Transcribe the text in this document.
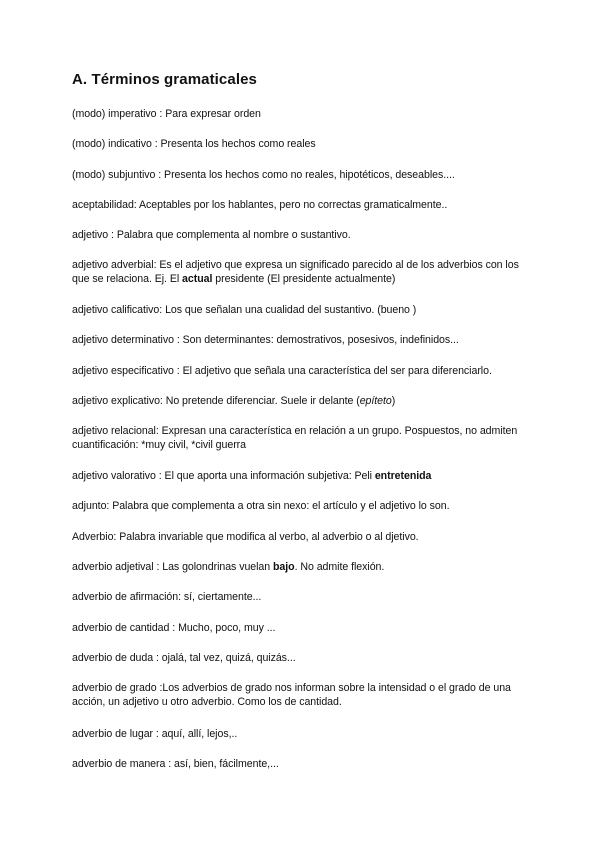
A. Términos gramaticales

(modo) imperativo : Para expresar orden

(modo) indicativo : Presenta los hechos como reales

(modo) subjuntivo : Presenta los hechos como no reales, hipotéticos, deseables....

aceptabilidad: Aceptables por los hablantes, pero no correctas gramaticalmente..

adjetivo : Palabra que complementa al nombre o sustantivo.

adjetivo adverbial: Es el adjetivo que expresa un significado parecido al de los adverbios con los que se relaciona. Ej. El actual presidente (El presidente actualmente)

adjetivo calificativo: Los que señalan una cualidad del sustantivo. (bueno )

adjetivo determinativo : Son determinantes: demostrativos, posesivos, indefinidos...

adjetivo especificativo : El adjetivo que señala una característica del ser para diferenciarlo.

adjetivo explicativo: No pretende diferenciar. Suele ir delante (epíteto)

adjetivo relacional: Expresan una característica en relación a un grupo. Pospuestos, no admiten cuantificación: *muy civil, *civil guerra

adjetivo valorativo : El que aporta una información subjetiva: Peli entretenida

adjunto: Palabra que complementa a otra sin nexo: el artículo y el adjetivo lo son.

Adverbio: Palabra invariable que modifica al verbo, al adverbio o al djetivo.

adverbio adjetival : Las golondrinas vuelan bajo. No admite flexión.

adverbio de afirmación: sí, ciertamente...

adverbio de cantidad : Mucho, poco, muy ...

adverbio de duda : ojalá, tal vez, quizá, quizás...

adverbio de grado :Los adverbios de grado nos informan sobre la intensidad o el grado de una acción, un adjetivo u otro adverbio. Como los de cantidad.

adverbio de lugar : aquí, allí, lejos,..

adverbio de manera : así, bien, fácilmente,...
